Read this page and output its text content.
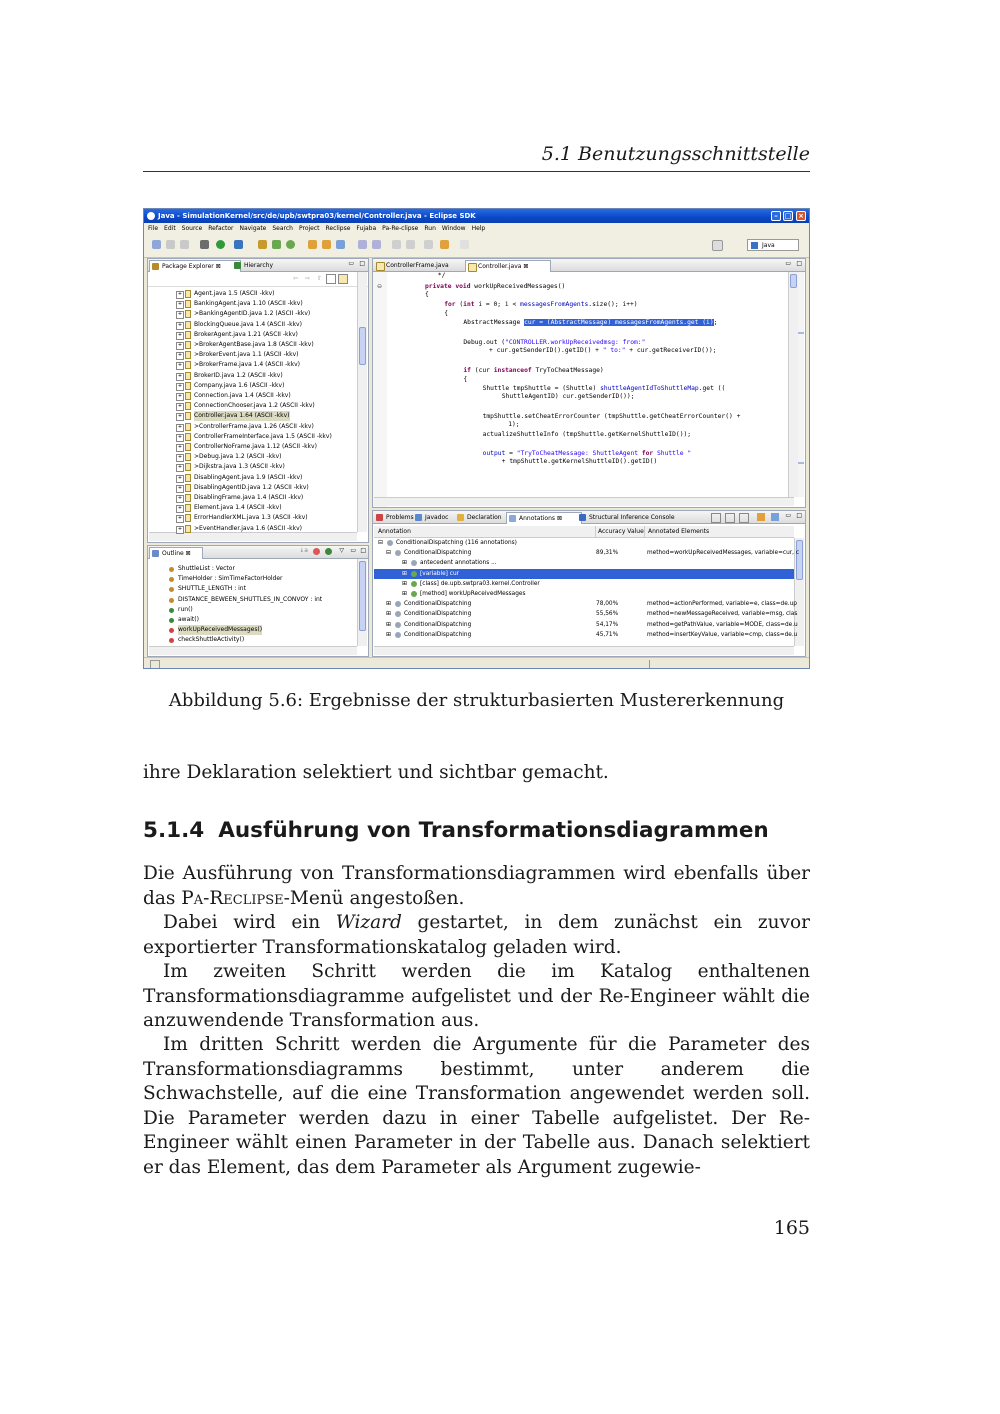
5.1 Benutzungsschnittstelle
Java - SimulationKernel/src/de/upb/swtpra03/kernel/Controller.java - Eclipse SDK	– □ ×
File Edit Source Refactor Navigate Search Project Reclipse Fujaba Pa-Re-clipse Run Window Help
Java
Package Explorer ⊠	Hierarchy	▭ □
⇦ ⇨ ⇧
+	Agent.java 1.5 (ASCII -kkv)
+	BankingAgent.java 1.10 (ASCII -kkv)
+	>BankingAgentID.java 1.2 (ASCII -kkv)
+	BlockingQueue.java 1.4 (ASCII -kkv)
+	BrokerAgent.java 1.21 (ASCII -kkv)
+	>BrokerAgentBase.java 1.8 (ASCII -kkv)
+	>BrokerEvent.java 1.1 (ASCII -kkv)
+	>BrokerFrame.java 1.4 (ASCII -kkv)
+	BrokerID.java 1.2 (ASCII -kkv)
+	Company.java 1.6 (ASCII -kkv)
+	Connection.java 1.4 (ASCII -kkv)
+	ConnectionChooser.java 1.2 (ASCII -kkv)
+	Controller.java 1.64 (ASCII -kkv)
+	>ControllerFrame.java 1.26 (ASCII -kkv)
+	ControllerFrameInterface.java 1.5 (ASCII -kkv)
+	ControllerNoFrame.java 1.12 (ASCII -kkv)
+	>Debug.java 1.2 (ASCII -kkv)
+	>Dijkstra.java 1.3 (ASCII -kkv)
+	DisablingAgent.java 1.9 (ASCII -kkv)
+	DisablingAgentID.java 1.2 (ASCII -kkv)
+	DisablingFrame.java 1.4 (ASCII -kkv)
+	Element.java 1.4 (ASCII -kkv)
+	ErrorHandlerXML.java 1.3 (ASCII -kkv)
+	>EventHandler.java 1.6 (ASCII -kkv)
Outline ⊠	↓a	▽ ▭ □
ShuttleList : Vector
TimeHolder : SimTimeFactorHolder
SHUTTLE_LENGTH : int
DISTANCE_BEWEEN_SHUTTLES_IN_CONVOY : int
run()
await()
workUpReceivedMessages()
checkShuttleActivity()
ControllerFrame.java	Controller.java ⊠	▭ □
⊖
*/
private void workUpReceivedMessages()
{
for (int i = 0; i < messagesFromAgents.size(); i++)
{
AbstractMessage cur = (AbstractMessage) messagesFromAgents.get (i);
Debug.out ("CONTROLLER.workUpReceivedmsg: from:"
+ cur.getSenderID().getID() + " to:" + cur.getReceiverID());
if (cur instanceof TryToCheatMessage)
{
Shuttle tmpShuttle = (Shuttle) shuttleAgentIdToShuttleMap.get ((
ShuttleAgentID) cur.getSenderID());
tmpShuttle.setCheatErrorCounter (tmpShuttle.getCheatErrorCounter() +
1);
actualizeShuttleInfo (tmpShuttle.getKernelShuttleID());
output = "TryToCheatMessage: ShuttleAgent for Shuttle "
+ tmpShuttle.getKernelShuttleID().getID()
Problems	Javadoc	Declaration	Annotations ⊠	Structural Inference Console	▭ □
Annotation	Accuracy Value Annotated Elements
⊟ ConditionalDispatching (116 annotations)
⊟ ConditionalDispatching	89,31%	method=workUpReceivedMessages, variable=cur, c
⊞ antecedent annotations ...
⊞ [variable] cur
⊞ [class] de.upb.swtpra03.kernel.Controller
⊞ [method] workUpReceivedMessages
⊞ ConditionalDispatching	78,00%	method=actionPerformed, variable=e, class=de.up
⊞ ConditionalDispatching	55,56%	method=newMessageReceived, variable=msg, clas
⊞ ConditionalDispatching	54,17%	method=getPathValue, variable=MODE, class=de.u
⊞ ConditionalDispatching	45,71%	method=insertKeyValue, variable=cmp, class=de.u
Abbildung 5.6: Ergebnisse der strukturbasierten Mustererkennung
ihre Deklaration selektiert und sichtbar gemacht.
5.1.4 Ausführung von Transformationsdiagrammen
Die Ausführung von Transformationsdiagrammen wird ebenfalls über das Pa-Reclipse-Menü angestoßen.
Dabei wird ein Wizard gestartet, in dem zunächst ein zuvor exportierter Transformationskatalog geladen wird.
Im zweiten Schritt werden die im Katalog enthaltenen Transformationsdiagramme aufgelistet und der Re-Engineer wählt die anzuwendende Transformation aus.
Im dritten Schritt werden die Argumente für die Parameter des Transformationsdiagramms bestimmt, unter anderem die Schwachstelle, auf die eine Transformation angewendet werden soll. Die Parameter werden dazu in einer Tabelle aufgelistet. Der Re-Engineer wählt einen Parameter in der Tabelle aus. Danach selektiert er das Element, das dem Parameter als Argument zugewie-
165
